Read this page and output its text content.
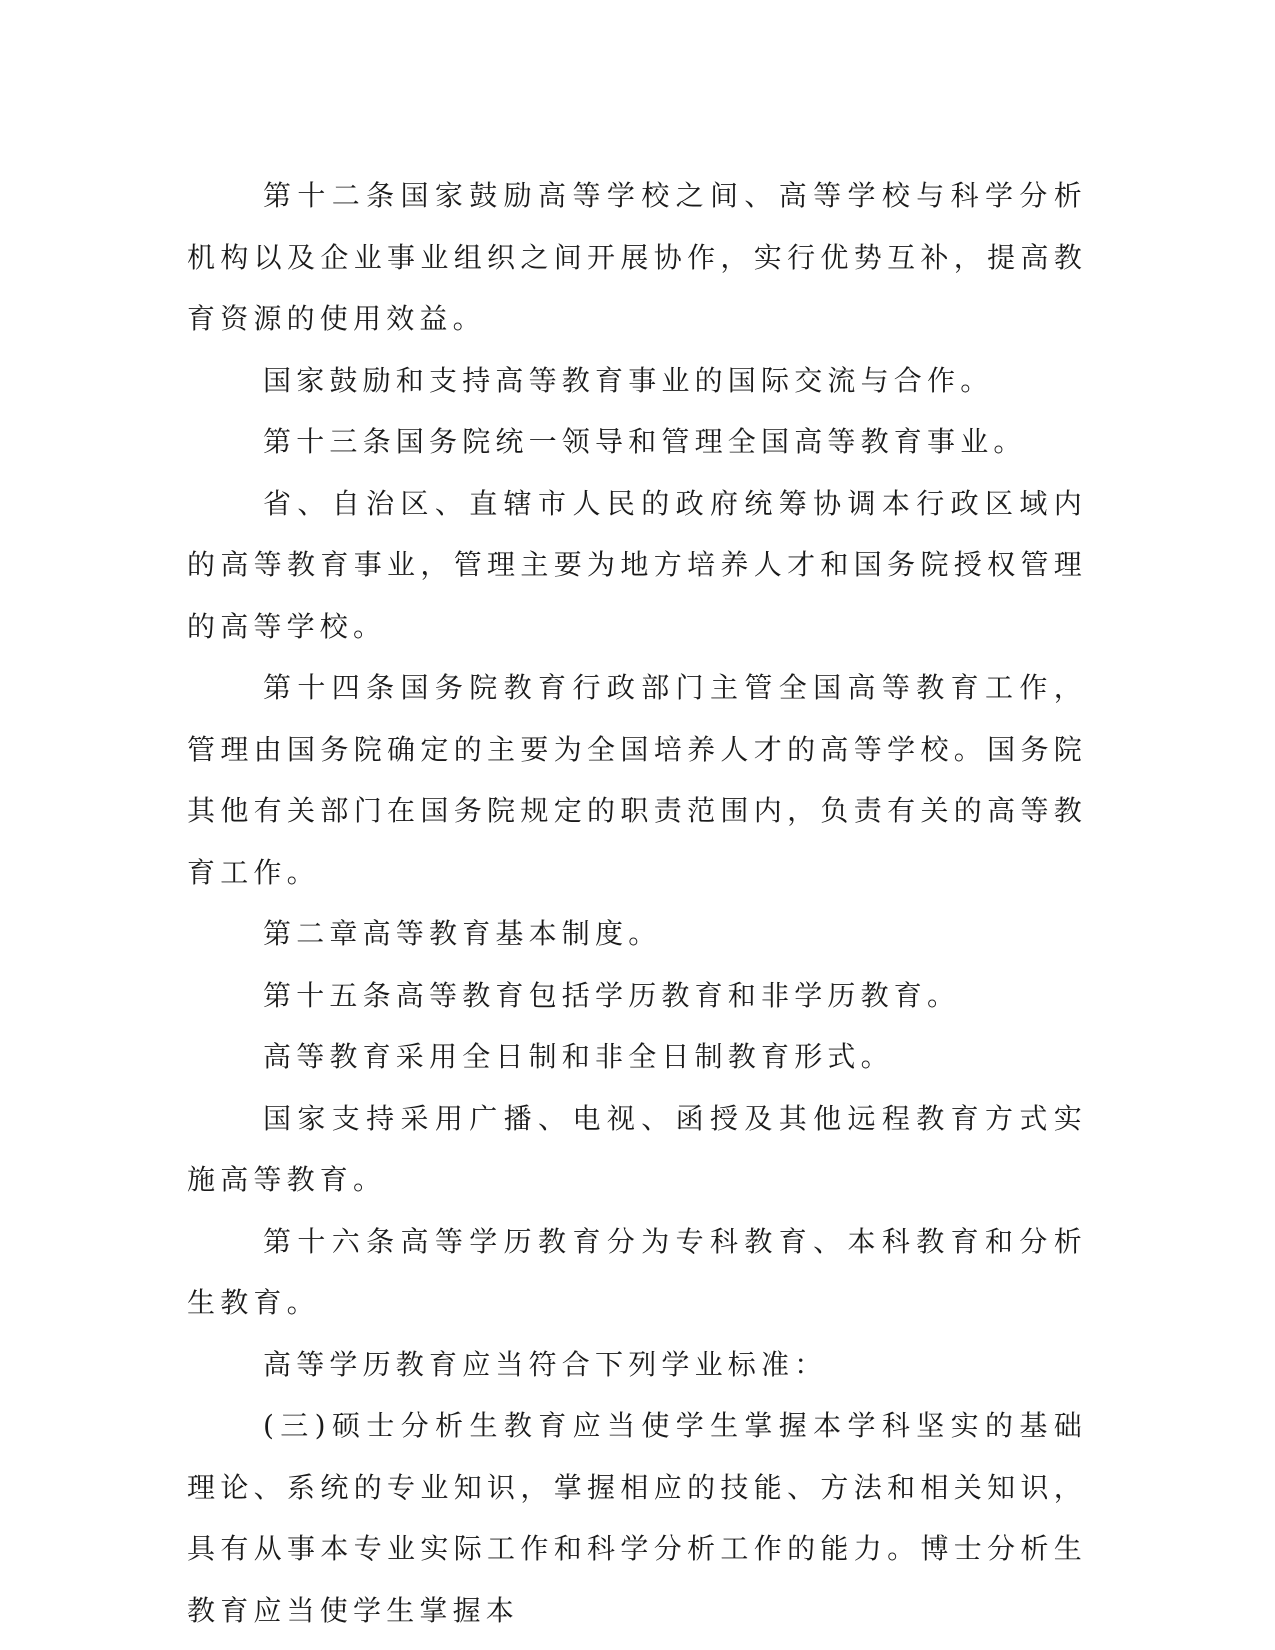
第十二条国家鼓励高等学校之间、高等学校与科学分析机构以及企业事业组织之间开展协作，实行优势互补，提高教育资源的使用效益。

国家鼓励和支持高等教育事业的国际交流与合作。

第十三条国务院统一领导和管理全国高等教育事业。

省、自治区、直辖市人民的政府统筹协调本行政区域内的高等教育事业，管理主要为地方培养人才和国务院授权管理的高等学校。

第十四条国务院教育行政部门主管全国高等教育工作，管理由国务院确定的主要为全国培养人才的高等学校。国务院其他有关部门在国务院规定的职责范围内，负责有关的高等教育工作。

第二章高等教育基本制度。

第十五条高等教育包括学历教育和非学历教育。

高等教育采用全日制和非全日制教育形式。

国家支持采用广播、电视、函授及其他远程教育方式实施高等教育。

第十六条高等学历教育分为专科教育、本科教育和分析生教育。

高等学历教育应当符合下列学业标准：

(三)硕士分析生教育应当使学生掌握本学科坚实的基础理论、系统的专业知识，掌握相应的技能、方法和相关知识，具有从事本专业实际工作和科学分析工作的能力。博士分析生教育应当使学生掌握本
